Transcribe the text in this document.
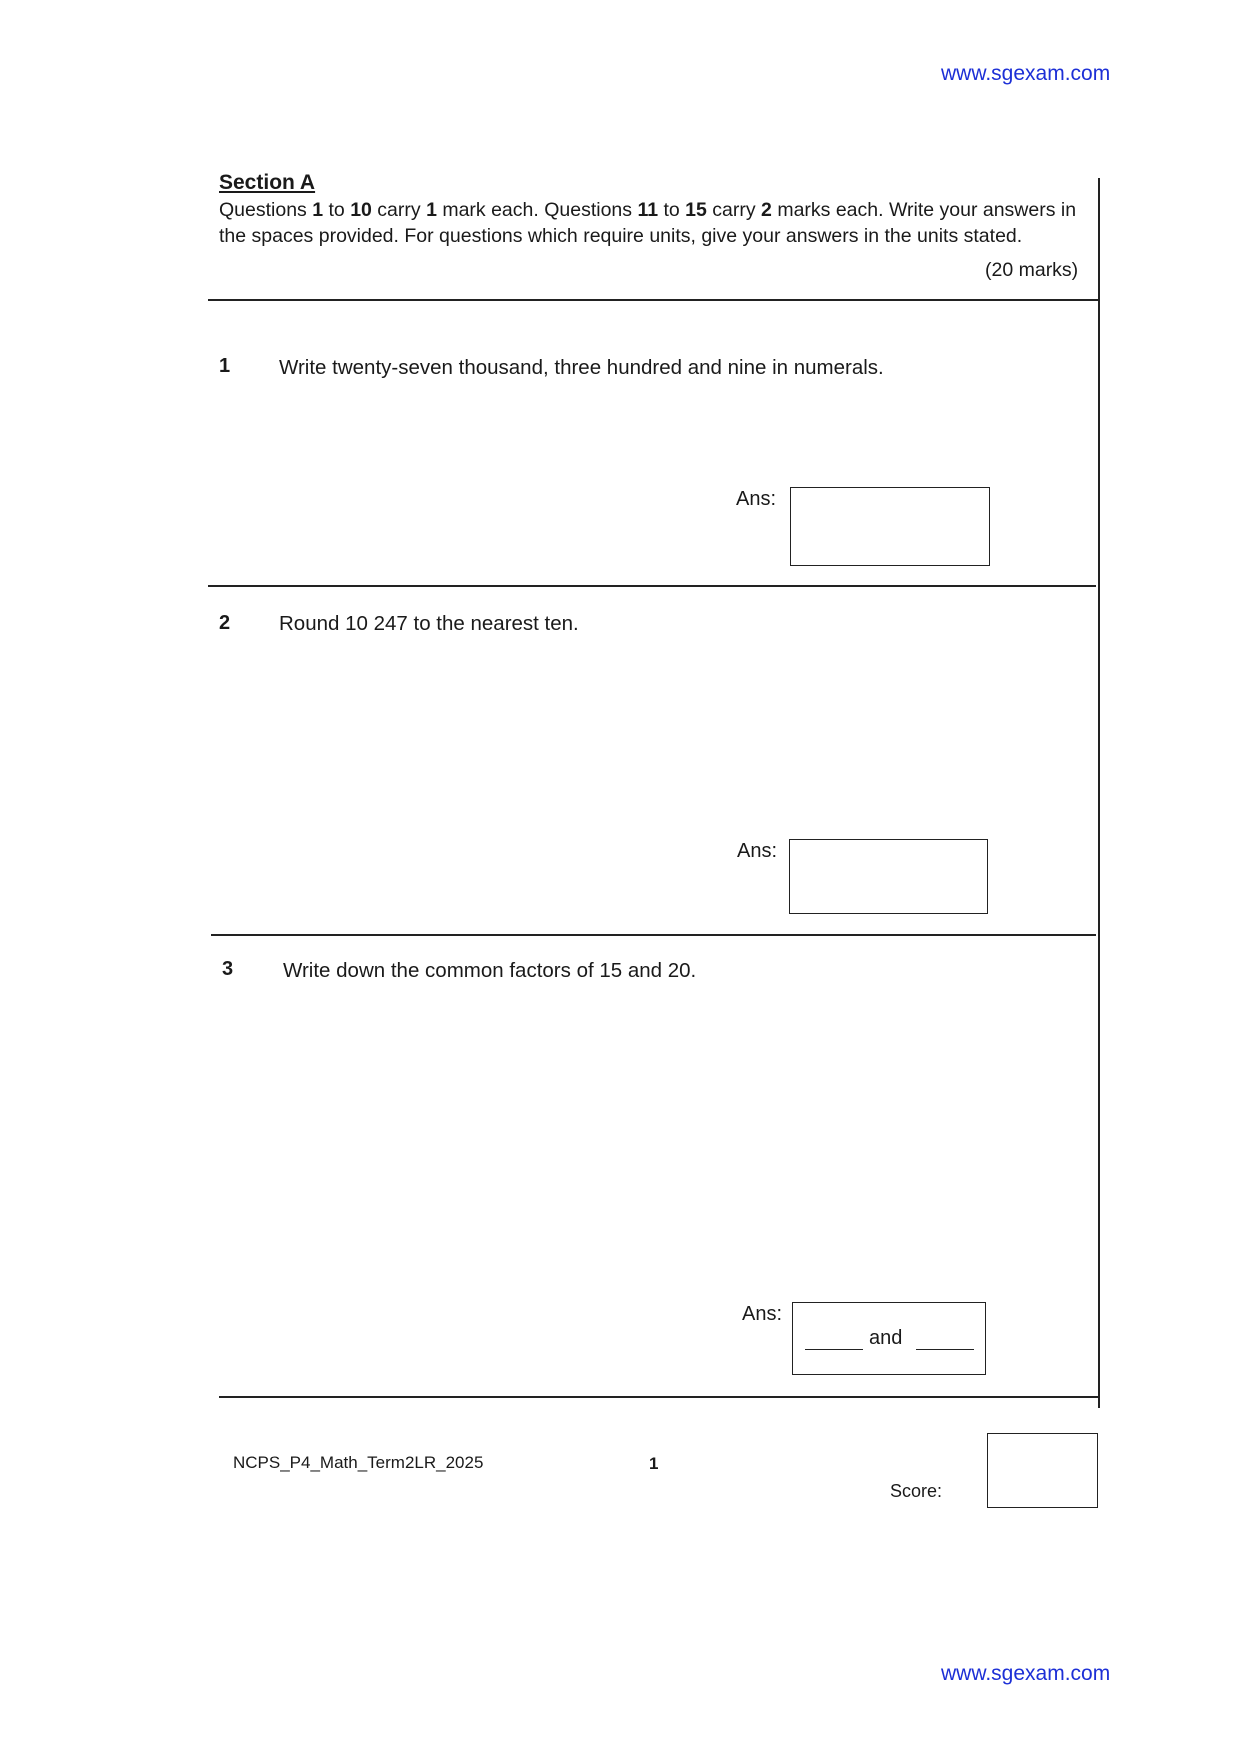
www.sgexam.com
Section A
Questions 1 to 10 carry 1 mark each. Questions 11 to 15 carry 2 marks each. Write your answers in the spaces provided. For questions which require units, give your answers in the units stated.
(20 marks)
1 Write twenty-seven thousand, three hundred and nine in numerals.
Ans:
2 Round 10 247 to the nearest ten.
Ans:
3 Write down the common factors of 15 and 20.
Ans:
and
NCPS_P4_Math_Term2LR_2025	1
Score:
www.sgexam.com
